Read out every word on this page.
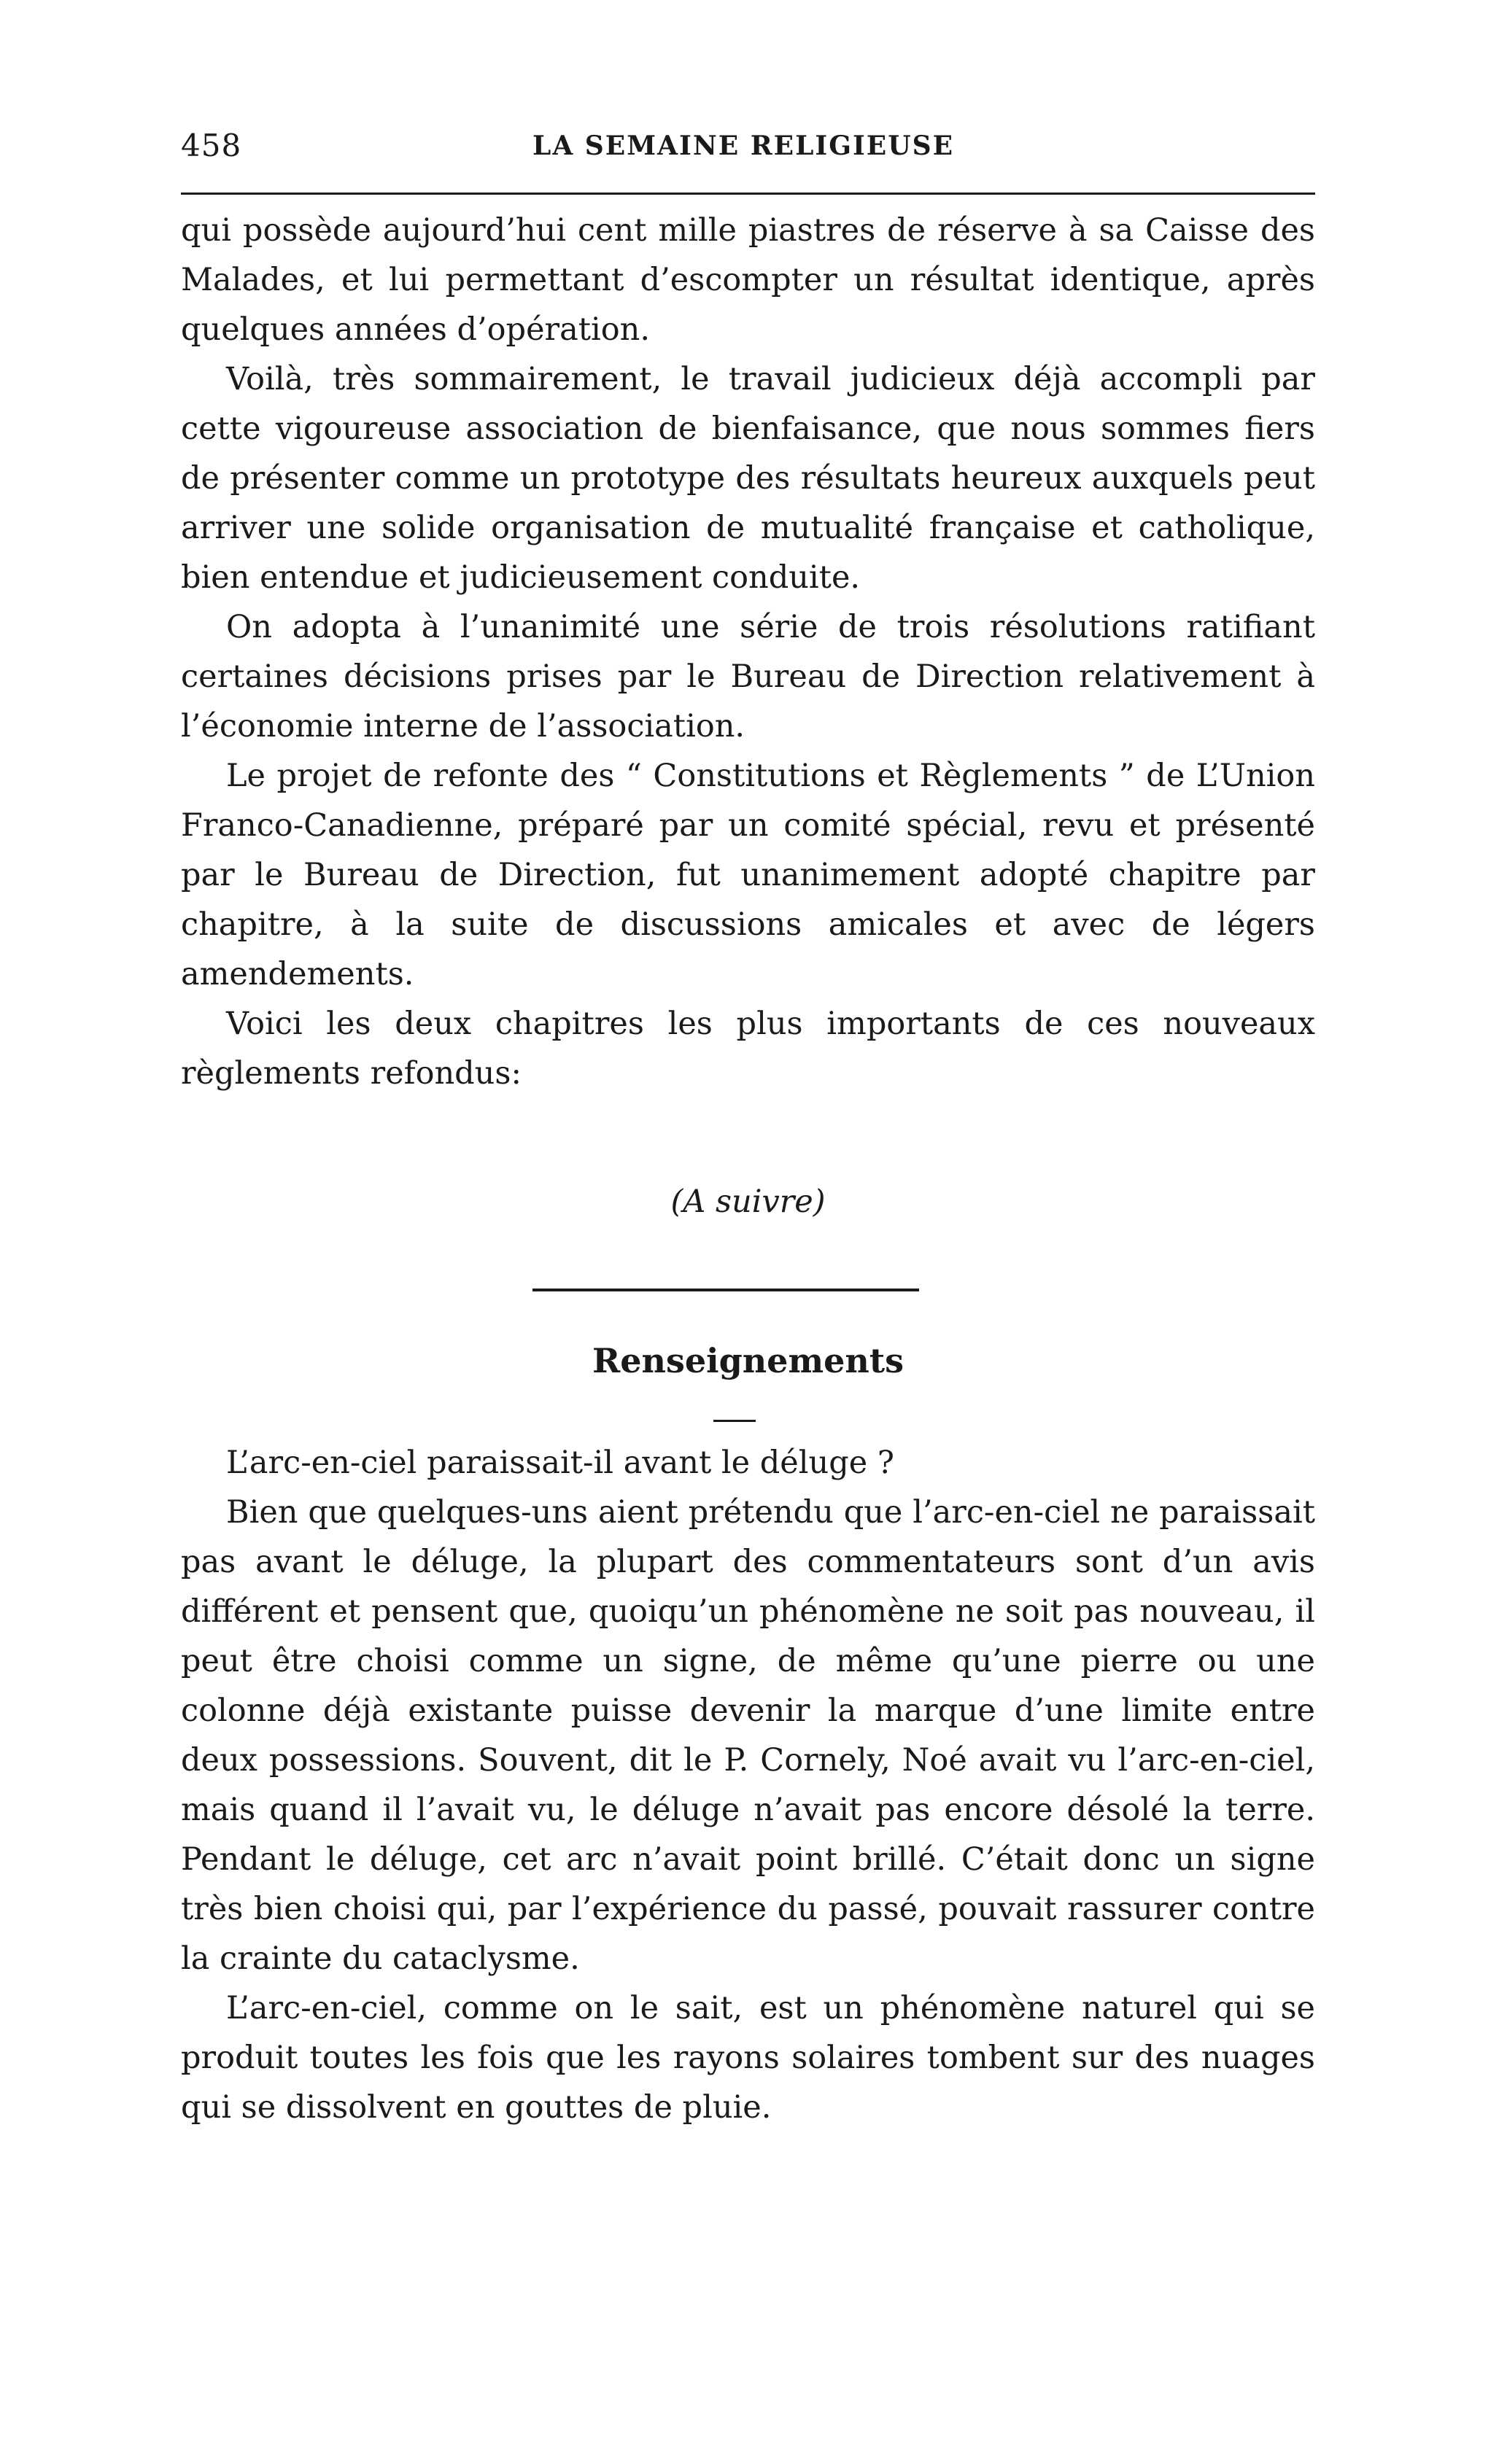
458	LA SEMAINE RELIGIEUSE

qui possède aujourd’hui cent mille piastres de réserve à sa Caisse des Malades, et lui permettant d’escompter un résultat identique, après quelques années d’opération.

Voilà, très sommairement, le travail judicieux déjà accompli par cette vigoureuse association de bienfaisance, que nous sommes fiers de présenter comme un prototype des résultats heureux auxquels peut arriver une solide organisation de mutualité française et catholique, bien entendue et judicieusement conduite.

On adopta à l’unanimité une série de trois résolutions ratifiant certaines décisions prises par le Bureau de Direction relativement à l’économie interne de l’association.

Le projet de refonte des “ Constitutions et Règlements ” de L’Union Franco-Canadienne, préparé par un comité spécial, revu et présenté par le Bureau de Direction, fut unanimement adopté chapitre par chapitre, à la suite de discussions amicales et avec de légers amendements.

Voici les deux chapitres les plus importants de ces nouveaux règlements refondus:

(A suivre)
Renseignements

L’arc-en-ciel paraissait-il avant le déluge ?

Bien que quelques-uns aient prétendu que l’arc-en-ciel ne paraissait pas avant le déluge, la plupart des commentateurs sont d’un avis différent et pensent que, quoiqu’un phénomène ne soit pas nouveau, il peut être choisi comme un signe, de même qu’une pierre ou une colonne déjà existante puisse devenir la marque d’une limite entre deux possessions. Souvent, dit le P. Cornely, Noé avait vu l’arc-en-ciel, mais quand il l’avait vu, le déluge n’avait pas encore désolé la terre. Pendant le déluge, cet arc n’avait point brillé. C’était donc un signe très bien choisi qui, par l’expérience du passé, pouvait rassurer contre la crainte du cataclysme.

L’arc-en-ciel, comme on le sait, est un phénomène naturel qui se produit toutes les fois que les rayons solaires tombent sur des nuages qui se dissolvent en gouttes de pluie.
